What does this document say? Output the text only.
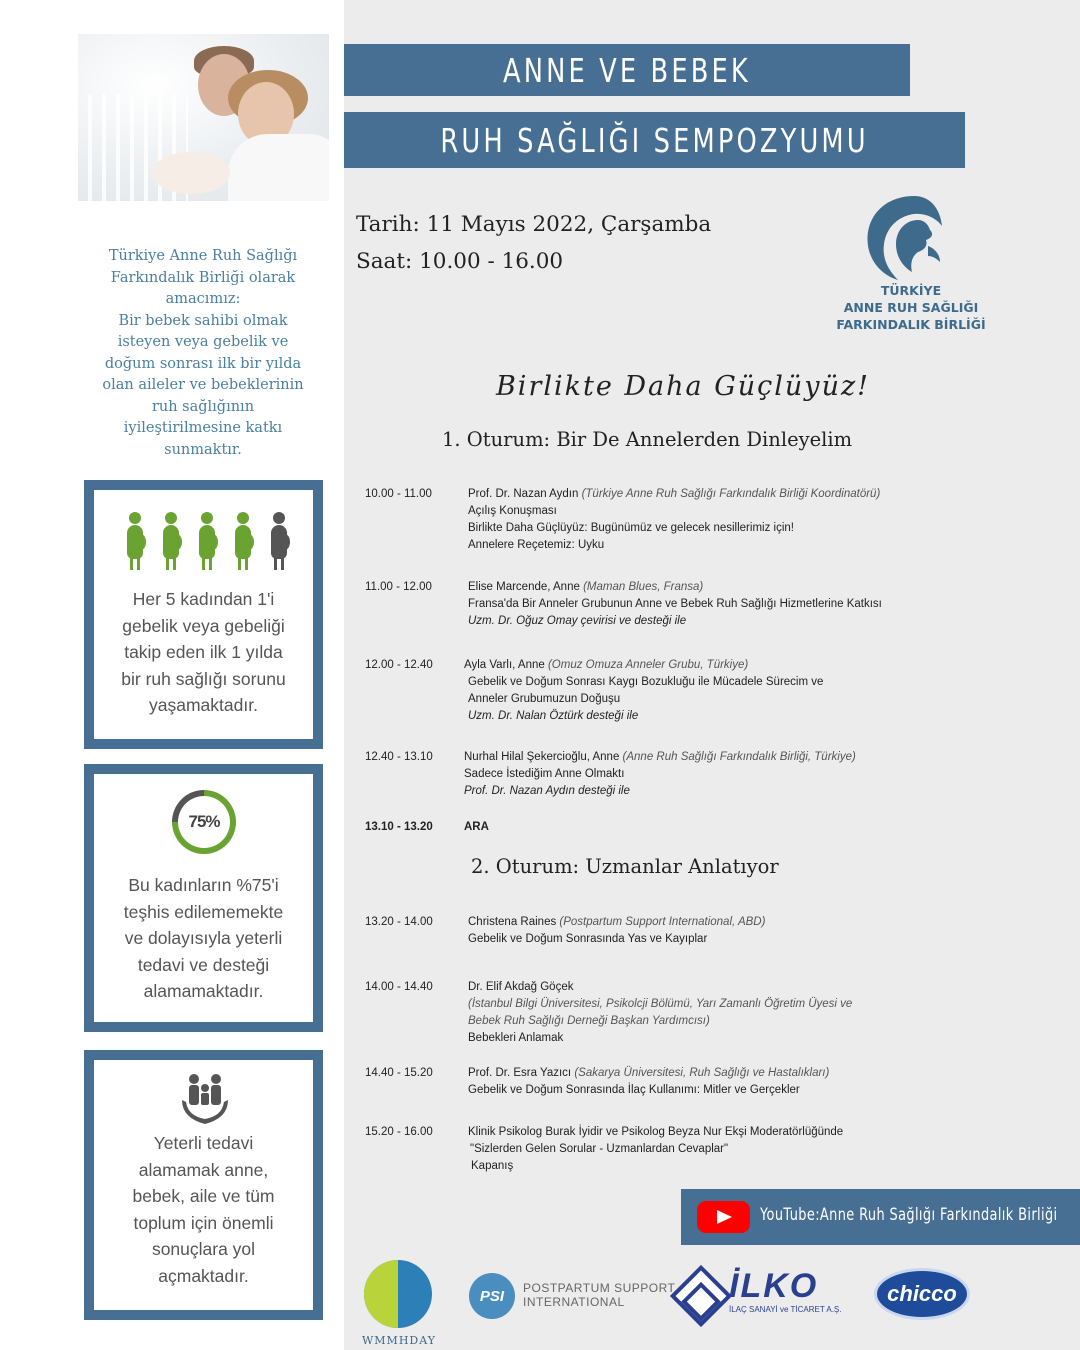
Türkiye Anne Ruh Sağlığı
Farkındalık Birliği olarak
amacımız:
Bir bebek sahibi olmak
isteyen veya gebelik ve
doğum sonrası ilk bir yılda
olan aileler ve bebeklerinin
ruh sağlığının
iyileştirilmesine katkı
sunmaktır.
Her 5 kadından 1'i
gebelik veya gebeliği
takip eden ilk 1 yılda
bir ruh sağlığı sorunu
yaşamaktadır.
75%
Bu kadınların %75'i
teşhis edilememekte
ve dolayısıyla yeterli
tedavi ve desteği
alamamaktadır.
Yeterli tedavi
alamamak anne,
bebek, aile ve tüm
toplum için önemli
sonuçlara yol
açmaktadır.
ANNE VE BEBEK
RUH SAĞLIĞI SEMPOZYUMU
Tarih: 11 Mayıs 2022, Çarşamba
Saat: 10.00 - 16.00
TÜRKİYE
ANNE RUH SAĞLIĞI
FARKINDALIK BİRLİĞİ
Birlikte Daha Güçlüyüz!
1. Oturum: Bir De Annelerden Dinleyelim
2. Oturum: Uzmanlar Anlatıyor
10.00 - 11.00	Prof. Dr. Nazan Aydın (Türkiye Anne Ruh Sağlığı Farkındalık Birliği Koordinatörü)
Açılış Konuşması
Birlikte Daha Güçlüyüz: Bugünümüz ve gelecek nesillerimiz için!
Annelere Reçetemiz: Uyku
11.00 - 12.00	Elise Marcende, Anne (Maman Blues, Fransa)
Fransa'da Bir Anneler Grubunun Anne ve Bebek Ruh Sağlığı Hizmetlerine Katkısı
Uzm. Dr. Oğuz Omay çevirisi ve desteği ile
12.00 - 12.40	Ayla Varlı, Anne (Omuz Omuza Anneler Grubu, Türkiye)
Gebelik ve Doğum Sonrası Kaygı Bozukluğu ile Mücadele Sürecim ve
Anneler Grubumuzun Doğuşu
Uzm. Dr. Nalan Öztürk desteği ile
12.40 - 13.10	Nurhal Hilal Şekercioğlu, Anne (Anne Ruh Sağlığı Farkındalık Birliği, Türkiye)
Sadece İstediğim Anne Olmaktı
Prof. Dr. Nazan Aydın desteği ile
13.10 - 13.20	ARA
13.20 - 14.00	Christena Raines (Postpartum Support International, ABD)
Gebelik ve Doğum Sonrasında Yas ve Kayıplar
14.00 - 14.40	Dr. Elif Akdağ Göçek
(İstanbul Bilgi Üniversitesi, Psikolcji Bölümü, Yarı Zamanlı Öğretim Üyesi ve
Bebek Ruh Sağlığı Derneği Başkan Yardımcısı)
Bebekleri Anlamak
14.40 - 15.20	Prof. Dr. Esra Yazıcı (Sakarya Üniversitesi, Ruh Sağlığı ve Hastalıkları)
Gebelik ve Doğum Sonrasında İlaç Kullanımı: Mitler ve Gerçekler
15.20 - 16.00	Klinik Psikolog Burak İyidir ve Psikolog Beyza Nur Ekşi Moderatörlüğünde
"Sizlerden Gelen Sorular - Uzmanlardan Cevaplar"
Kapanış
YouTube:Anne Ruh Sağlığı Farkındalık Birliği
WMMHDAY
PSI	POSTPARTUM SUPPORT
INTERNATIONAL	İLKO
İLAÇ SANAYİ ve TİCARET A.Ş.
chicco
